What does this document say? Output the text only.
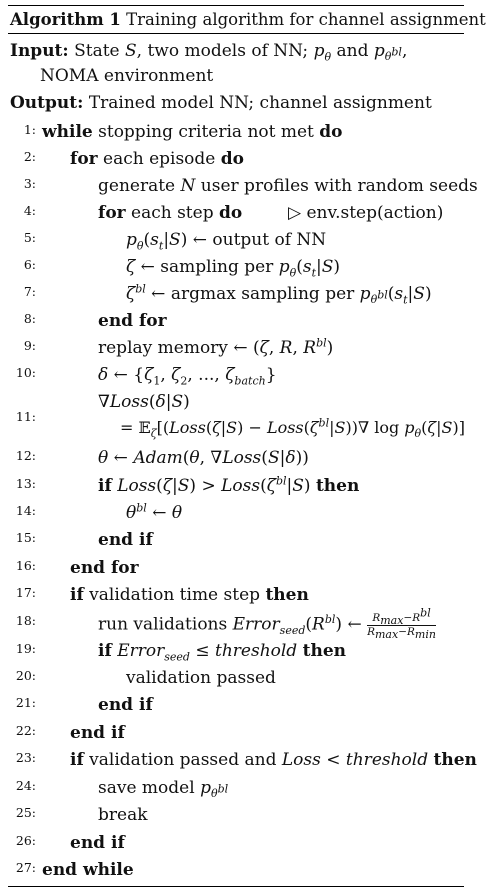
Algorithm 1 Training algorithm for channel assignment
Input: State S, two models of NN; $p_\theta$ and $p_{\theta^{bl}}$,
NOMA environment
Output: Trained model NN; channel assignment
1: while stopping criteria not met do
2: for each episode do
3:	generate N user profiles with random seeds
4:	for each step do	▷ env.step(action)
5:	$p_\theta(s_t|S)$ ← output of NN
6:	ζ ← sampling per $p_\theta(s_t|S)$
7:	$\zeta^{bl}$ ← argmax sampling per $p_{\theta^{bl}}(s_t|S)$
8:	end for
9:	replay memory ← (ζ, R, $R^{bl}$)
10:	δ ← {$\zeta_1$, $\zeta_2$, ..., $\zeta_{batch}$}
11:
∇Loss(δ|S)
= 𝔼$_\zeta$[(Loss(ζ|S) − $Loss(\zeta^{bl}|S))\nabla$ $\log p_\theta(\zeta|S)$]
12:	θ ← Adam(θ, ∇Loss(S|δ))
13:	if Loss(ζ|S) > $Loss(\zeta^{bl}|S)$ then
14:	$\theta^{bl}$ ← θ
15:	end if
16: end for
17: if validation time step then
18:	run validations $Error_{seed}(R^{bl})$ ← $\frac{R_{max}-R^{bl}}{R_{max}-R_{min}}$
19:	if Error$_{seed}$ ≤ threshold then
20:	validation passed
21:	end if
22: end if
23: if validation passed and Loss < threshold then
24:	save model $p_{\theta^{bl}}$
25:	break
26: end if
27: end while
